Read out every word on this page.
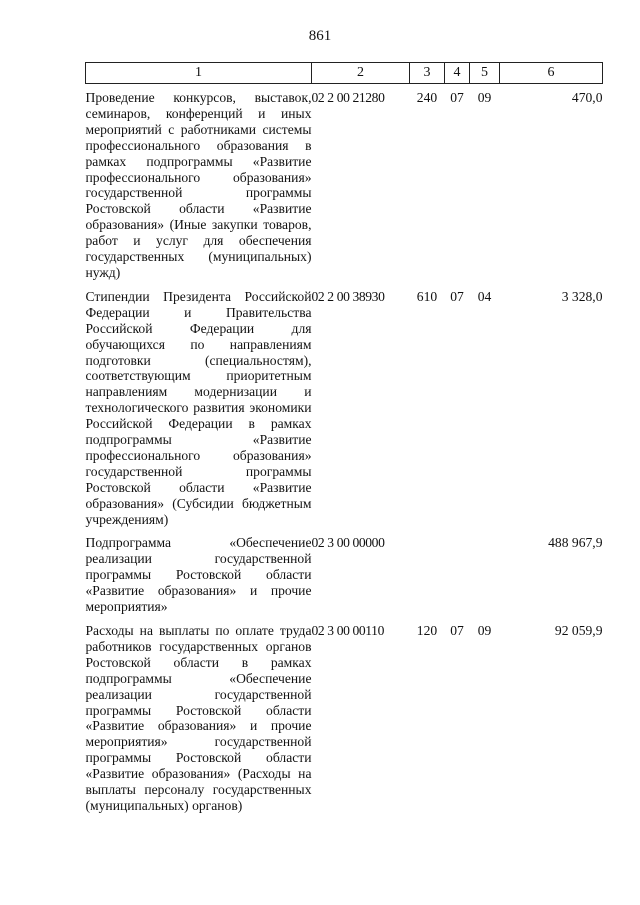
861
1	2	3	4	5	6
Проведение конкурсов, выставок, семинаров, конференций и иных мероприятий с работниками системы профессионального образования в рамках подпрограммы «Развитие профессионального образования» государственной программы Ростовской области «Развитие образования» (Иные закупки товаров, работ и услуг для обеспечения государственных (муниципальных) нужд)	02 2 00 21280	240	07	09	470,0
Стипендии Президента Российской Федерации и Правительства Российской Федерации для обучающихся по направлениям подготовки (специальностям), соответствующим приоритетным направлениям модернизации и технологического развития экономики Российской Федерации в рамках подпрограммы «Развитие профессионального образования» государственной программы Ростовской области «Развитие образования» (Субсидии бюджетным учреждениям)	02 2 00 38930	610	07	04	3 328,0
Подпрограмма «Обеспечение реализации государственной программы Ростовской области «Развитие образования» и прочие мероприятия»	02 3 00 00000				488 967,9
Расходы на выплаты по оплате труда работников государственных органов Ростовской области в рамках подпрограммы «Обеспечение реализации государственной программы Ростовской области «Развитие образования» и прочие мероприятия» государственной программы Ростовской области «Развитие образования» (Расходы на выплаты персоналу государственных (муниципальных) органов)	02 3 00 00110	120	07	09	92 059,9
